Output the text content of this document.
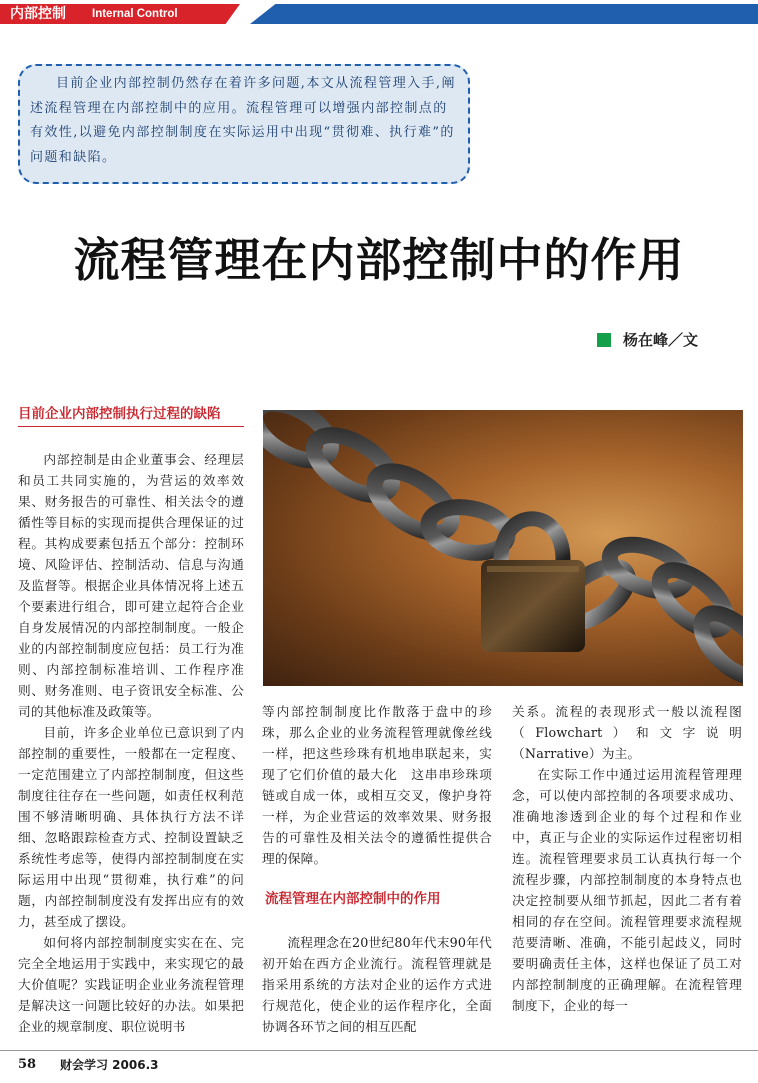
内部控制 Internal Control

目前企业内部控制仍然存在着许多问题,本文从流程管理入手,阐述流程管理在内部控制中的应用。流程管理可以增强内部控制点的有效性,以避免内部控制制度在实际运用中出现“贯彻难、执行难”的问题和缺陷。

流程管理在内部控制中的作用
杨在峰／文
目前企业内部控制执行过程的缺陷

内部控制是由企业董事会、经理层和员工共同实施的，为营运的效率效果、财务报告的可靠性、相关法令的遵循性等目标的实现而提供合理保证的过程。其构成要素包括五个部分：控制环境、风险评估、控制活动、信息与沟通及监督等。根据企业具体情况将上述五个要素进行组合，即可建立起符合企业自身发展情况的内部控制制度。一般企业的内部控制制度应包括：员工行为准则、内部控制标准培训、工作程序准则、财务准则、电子资讯安全标准、公司的其他标准及政策等。

目前，许多企业单位已意识到了内部控制的重要性，一般都在一定程度、一定范围建立了内部控制制度，但这些制度往往存在一些问题，如责任权利范围不够清晰明确、具体执行方法不详细、忽略跟踪检查方式、控制设置缺乏系统性考虑等，使得内部控制制度在实际运用中出现“贯彻难，执行难”的问题，内部控制制度没有发挥出应有的效力，甚至成了摆设。

如何将内部控制制度实实在在、完完全全地运用于实践中，来实现它的最大价值呢？实践证明企业业务流程管理是解决这一问题比较好的办法。如果把企业的规章制度、职位说明书

等内部控制制度比作散落于盘中的珍珠，那么企业的业务流程管理就像丝线一样，把这些珍珠有机地串联起来，实现了它们价值的最大化　这串串珍珠项链或自成一体，或相互交叉，像护身符一样，为企业营运的效率效果、财务报告的可靠性及相关法令的遵循性提供合理的保障。

流程管理在内部控制中的作用

流程理念在20世纪80年代末90年代初开始在西方企业流行。流程管理就是指采用系统的方法对企业的运作方式进行规范化，使企业的运作程序化，全面协调各环节之间的相互匹配

关系。流程的表现形式一般以流程图（Flowchart）和文字说明（Narrative）为主。

在实际工作中通过运用流程管理理念，可以使内部控制的各项要求成功、准确地渗透到企业的每个过程和作业中，真正与企业的实际运作过程密切相连。流程管理要求员工认真执行每一个流程步骤，内部控制制度的本身特点也决定控制要从细节抓起，因此二者有着相同的存在空间。流程管理要求流程规范要清晰、准确，不能引起歧义，同时要明确责任主体，这样也保证了员工对内部控制制度的正确理解。在流程管理制度下，企业的每一

58 财会学习 2006.3
